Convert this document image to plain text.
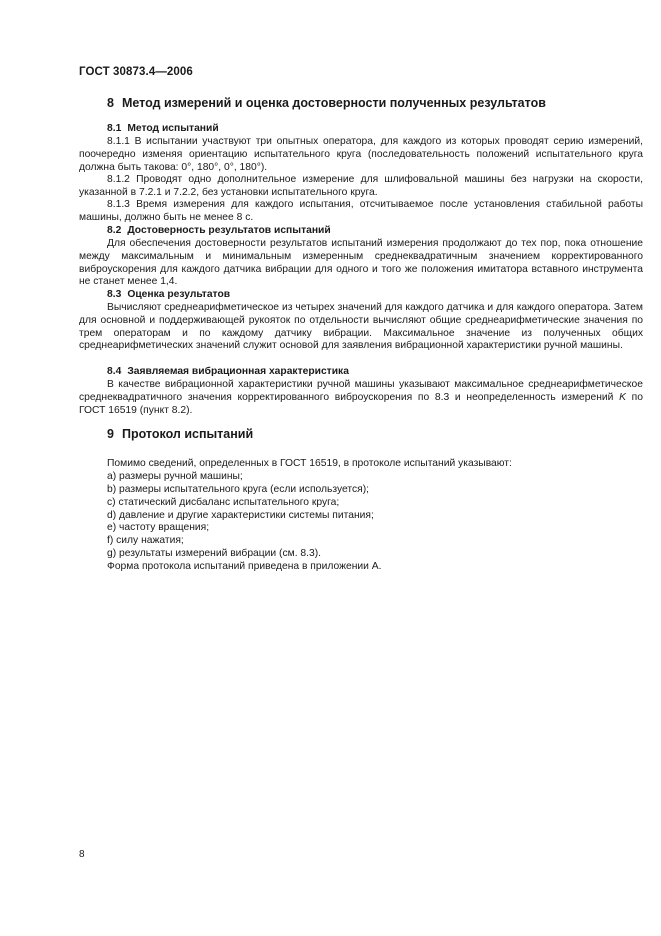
ГОСТ 30873.4—2006
8 Метод измерений и оценка достоверности полученных результатов
8.1 Метод испытаний
8.1.1 В испытании участвуют три опытных оператора, для каждого из которых проводят серию измерений, поочередно изменяя ориентацию испытательного круга (последовательность положений испытательного круга должна быть такова: 0°, 180°, 0°, 180°).
8.1.2 Проводят одно дополнительное измерение для шлифовальной машины без нагрузки на скорости, указанной в 7.2.1 и 7.2.2, без установки испытательного круга.
8.1.3 Время измерения для каждого испытания, отсчитываемое после установления стабильной работы машины, должно быть не менее 8 с.
8.2 Достоверность результатов испытаний
Для обеспечения достоверности результатов испытаний измерения продолжают до тех пор, пока отношение между максимальным и минимальным измеренным среднеквадратичным значением корректированного виброускорения для каждого датчика вибрации для одного и того же положения имитатора вставного инструмента не станет менее 1,4.
8.3 Оценка результатов
Вычисляют среднеарифметическое из четырех значений для каждого датчика и для каждого оператора. Затем для основной и поддерживающей рукояток по отдельности вычисляют общие среднеарифметические значения по трем операторам и по каждому датчику вибрации. Максимальное значение из полученных общих среднеарифметических значений служит основой для заявления вибрационной характеристики ручной машины.
8.4 Заявляемая вибрационная характеристика
В качестве вибрационной характеристики ручной машины указывают максимальное среднеарифметическое среднеквадратичного значения корректированного виброускорения по 8.3 и неопределенность измерений K по ГОСТ 16519 (пункт 8.2).
9 Протокол испытаний
Помимо сведений, определенных в ГОСТ 16519, в протоколе испытаний указывают:
a) размеры ручной машины;
b) размеры испытательного круга (если используется);
c) статический дисбаланс испытательного круга;
d) давление и другие характеристики системы питания;
e) частоту вращения;
f) силу нажатия;
g) результаты измерений вибрации (см. 8.3).
Форма протокола испытаний приведена в приложении А.
8
